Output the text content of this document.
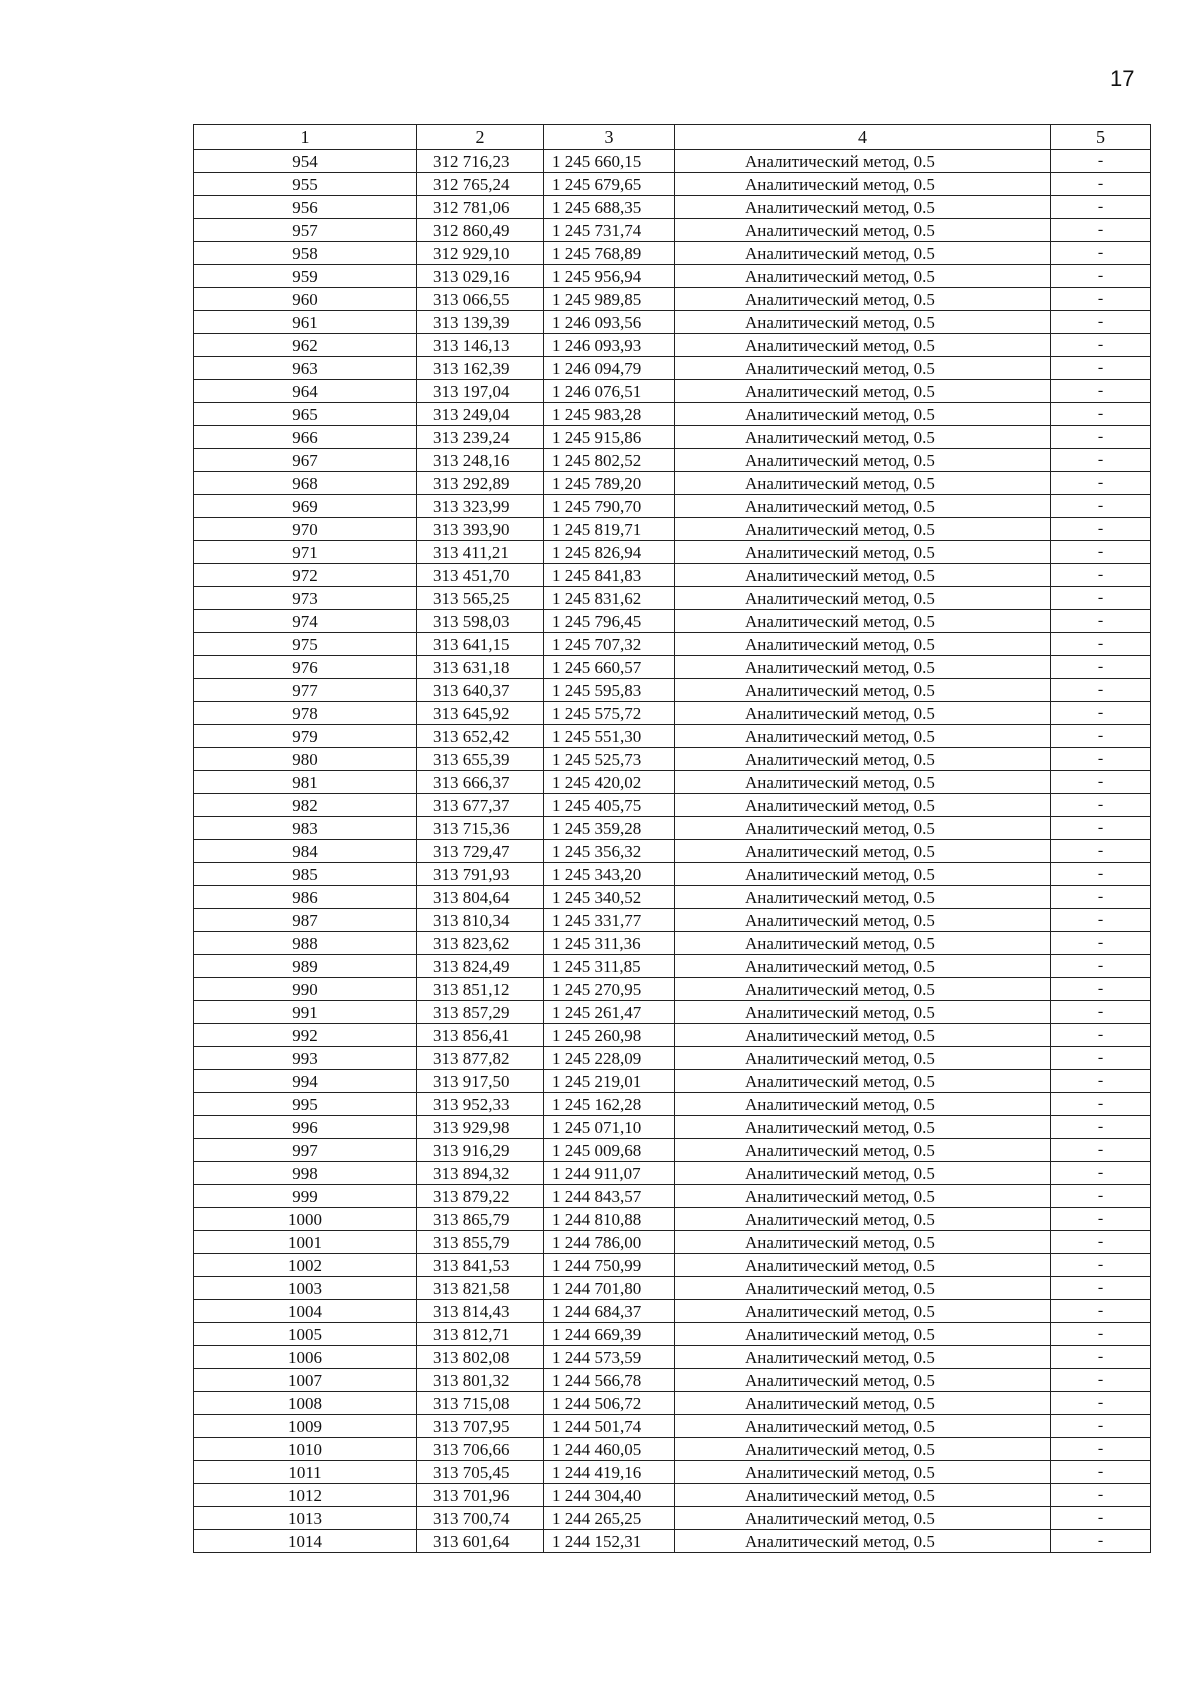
17
1	2	3	4	5
954	312 716,23	1 245 660,15	Аналитический метод, 0.5	-
955	312 765,24	1 245 679,65	Аналитический метод, 0.5	-
956	312 781,06	1 245 688,35	Аналитический метод, 0.5	-
957	312 860,49	1 245 731,74	Аналитический метод, 0.5	-
958	312 929,10	1 245 768,89	Аналитический метод, 0.5	-
959	313 029,16	1 245 956,94	Аналитический метод, 0.5	-
960	313 066,55	1 245 989,85	Аналитический метод, 0.5	-
961	313 139,39	1 246 093,56	Аналитический метод, 0.5	-
962	313 146,13	1 246 093,93	Аналитический метод, 0.5	-
963	313 162,39	1 246 094,79	Аналитический метод, 0.5	-
964	313 197,04	1 246 076,51	Аналитический метод, 0.5	-
965	313 249,04	1 245 983,28	Аналитический метод, 0.5	-
966	313 239,24	1 245 915,86	Аналитический метод, 0.5	-
967	313 248,16	1 245 802,52	Аналитический метод, 0.5	-
968	313 292,89	1 245 789,20	Аналитический метод, 0.5	-
969	313 323,99	1 245 790,70	Аналитический метод, 0.5	-
970	313 393,90	1 245 819,71	Аналитический метод, 0.5	-
971	313 411,21	1 245 826,94	Аналитический метод, 0.5	-
972	313 451,70	1 245 841,83	Аналитический метод, 0.5	-
973	313 565,25	1 245 831,62	Аналитический метод, 0.5	-
974	313 598,03	1 245 796,45	Аналитический метод, 0.5	-
975	313 641,15	1 245 707,32	Аналитический метод, 0.5	-
976	313 631,18	1 245 660,57	Аналитический метод, 0.5	-
977	313 640,37	1 245 595,83	Аналитический метод, 0.5	-
978	313 645,92	1 245 575,72	Аналитический метод, 0.5	-
979	313 652,42	1 245 551,30	Аналитический метод, 0.5	-
980	313 655,39	1 245 525,73	Аналитический метод, 0.5	-
981	313 666,37	1 245 420,02	Аналитический метод, 0.5	-
982	313 677,37	1 245 405,75	Аналитический метод, 0.5	-
983	313 715,36	1 245 359,28	Аналитический метод, 0.5	-
984	313 729,47	1 245 356,32	Аналитический метод, 0.5	-
985	313 791,93	1 245 343,20	Аналитический метод, 0.5	-
986	313 804,64	1 245 340,52	Аналитический метод, 0.5	-
987	313 810,34	1 245 331,77	Аналитический метод, 0.5	-
988	313 823,62	1 245 311,36	Аналитический метод, 0.5	-
989	313 824,49	1 245 311,85	Аналитический метод, 0.5	-
990	313 851,12	1 245 270,95	Аналитический метод, 0.5	-
991	313 857,29	1 245 261,47	Аналитический метод, 0.5	-
992	313 856,41	1 245 260,98	Аналитический метод, 0.5	-
993	313 877,82	1 245 228,09	Аналитический метод, 0.5	-
994	313 917,50	1 245 219,01	Аналитический метод, 0.5	-
995	313 952,33	1 245 162,28	Аналитический метод, 0.5	-
996	313 929,98	1 245 071,10	Аналитический метод, 0.5	-
997	313 916,29	1 245 009,68	Аналитический метод, 0.5	-
998	313 894,32	1 244 911,07	Аналитический метод, 0.5	-
999	313 879,22	1 244 843,57	Аналитический метод, 0.5	-
1000	313 865,79	1 244 810,88	Аналитический метод, 0.5	-
1001	313 855,79	1 244 786,00	Аналитический метод, 0.5	-
1002	313 841,53	1 244 750,99	Аналитический метод, 0.5	-
1003	313 821,58	1 244 701,80	Аналитический метод, 0.5	-
1004	313 814,43	1 244 684,37	Аналитический метод, 0.5	-
1005	313 812,71	1 244 669,39	Аналитический метод, 0.5	-
1006	313 802,08	1 244 573,59	Аналитический метод, 0.5	-
1007	313 801,32	1 244 566,78	Аналитический метод, 0.5	-
1008	313 715,08	1 244 506,72	Аналитический метод, 0.5	-
1009	313 707,95	1 244 501,74	Аналитический метод, 0.5	-
1010	313 706,66	1 244 460,05	Аналитический метод, 0.5	-
1011	313 705,45	1 244 419,16	Аналитический метод, 0.5	-
1012	313 701,96	1 244 304,40	Аналитический метод, 0.5	-
1013	313 700,74	1 244 265,25	Аналитический метод, 0.5	-
1014	313 601,64	1 244 152,31	Аналитический метод, 0.5	-
